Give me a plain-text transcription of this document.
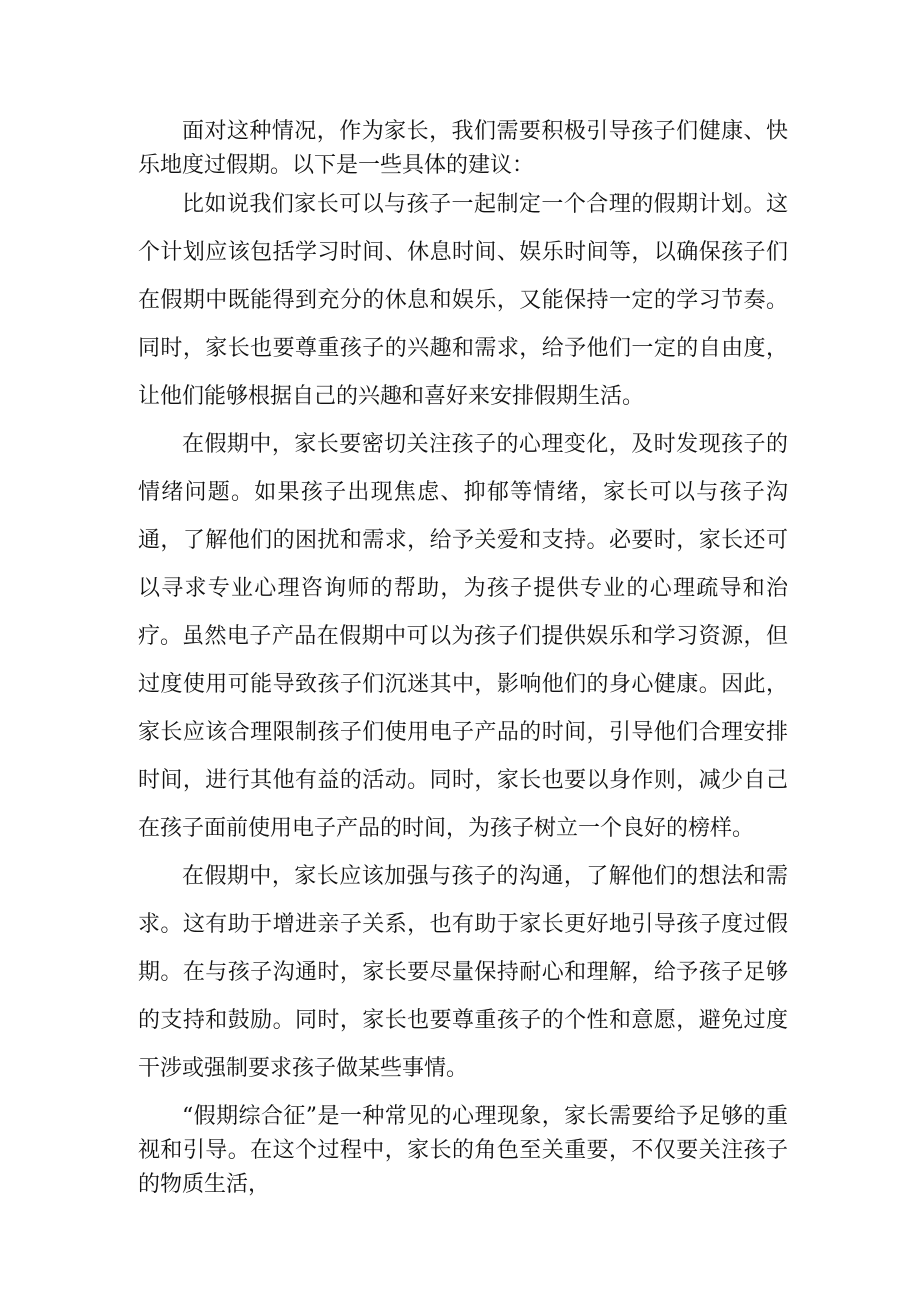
面对这种情况，作为家长，我们需要积极引导孩子们健康、快乐地度过假期。以下是一些具体的建议：

比如说我们家长可以与孩子一起制定一个合理的假期计划。这个计划应该包括学习时间、休息时间、娱乐时间等，以确保孩子们在假期中既能得到充分的休息和娱乐，又能保持一定的学习节奏。同时，家长也要尊重孩子的兴趣和需求，给予他们一定的自由度，让他们能够根据自己的兴趣和喜好来安排假期生活。

在假期中，家长要密切关注孩子的心理变化，及时发现孩子的情绪问题。如果孩子出现焦虑、抑郁等情绪，家长可以与孩子沟通，了解他们的困扰和需求，给予关爱和支持。必要时，家长还可以寻求专业心理咨询师的帮助，为孩子提供专业的心理疏导和治疗。 虽然电子产品在假期中可以为孩子们提供娱乐和学习资源，但过度使用可能导致孩子们沉迷其中，影响他们的身心健康。因此，家长应该合理限制孩子们使用电子产品的时间，引导他们合理安排时间，进行其他有益的活动。同时，家长也要以身作则，减少自己在孩子面前使用电子产品的时间，为孩子树立一个良好的榜样。

在假期中，家长应该加强与孩子的沟通，了解他们的想法和需求。这有助于增进亲子关系，也有助于家长更好地引导孩子度过假期。在与孩子沟通时，家长要尽量保持耐心和理解，给予孩子足够的支持和鼓励。同时，家长也要尊重孩子的个性和意愿，避免过度干涉或强制要求孩子做某些事情。

“假期综合征”是一种常见的心理现象，家长需要给予足够的重视和引导。在这个过程中，家长的角色至关重要，不仅要关注孩子的物质生活，
